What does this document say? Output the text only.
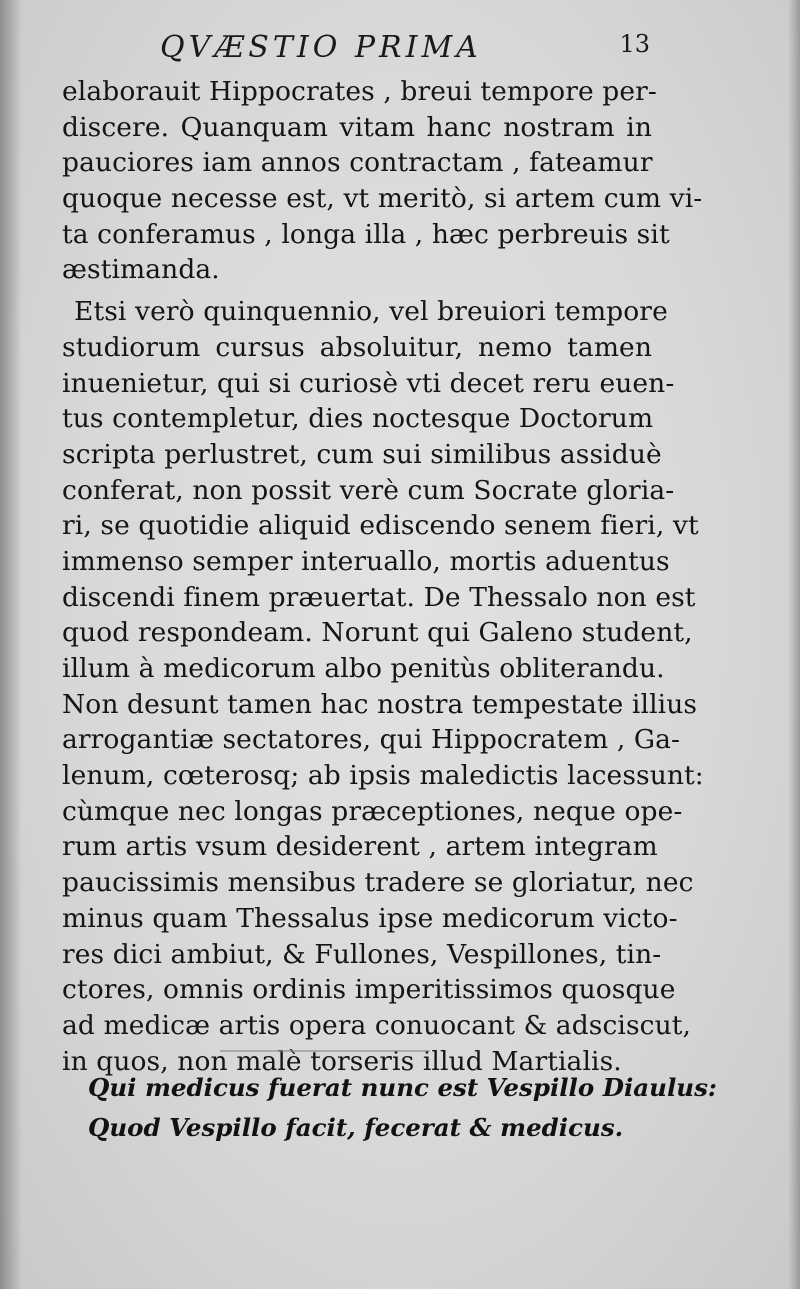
QVÆSTIO PRIMA	13
elaborauit Hippocrates , breui tempore per-
discere. Quanquam vitam hanc nostram in
pauciores iam annos contractam , fateamur
quoque necesse est, vt meritò, si artem cum vi-
ta conferamus , longa illa , hæc perbreuis sit
æstimanda.
Etsi verò quinquennio, vel breuiori tempore
studiorum cursus absoluitur, nemo tamen
inuenietur, qui si curiosè vti decet reru euen-
tus contempletur, dies noctesque Doctorum
scripta perlustret, cum sui similibus assiduè
conferat, non possit verè cum Socrate gloria-
ri, se quotidie aliquid ediscendo senem fieri, vt
immenso semper interuallo, mortis aduentus
discendi finem præuertat. De Thessalo non est
quod respondeam. Norunt qui Galeno student,
illum à medicorum albo penitùs obliterandu.
Non desunt tamen hac nostra tempestate illius
arrogantiæ sectatores, qui Hippocratem , Ga-
lenum, cœterosq; ab ipsis maledictis lacessunt:
cùmque nec longas præceptiones, neque ope-
rum artis vsum desiderent , artem integram
paucissimis mensibus tradere se gloriatur, nec
minus quam Thessalus ipse medicorum victo-
res dici ambiut, & Fullones, Vespillones, tin-
ctores, omnis ordinis imperitissimos quosque
ad medicæ artis opera conuocant & adsciscut,
in quos, non malè torseris illud Martialis.
Qui medicus fuerat nunc est Vespillo Diaulus:
Quod Vespillo facit, fecerat & medicus.
